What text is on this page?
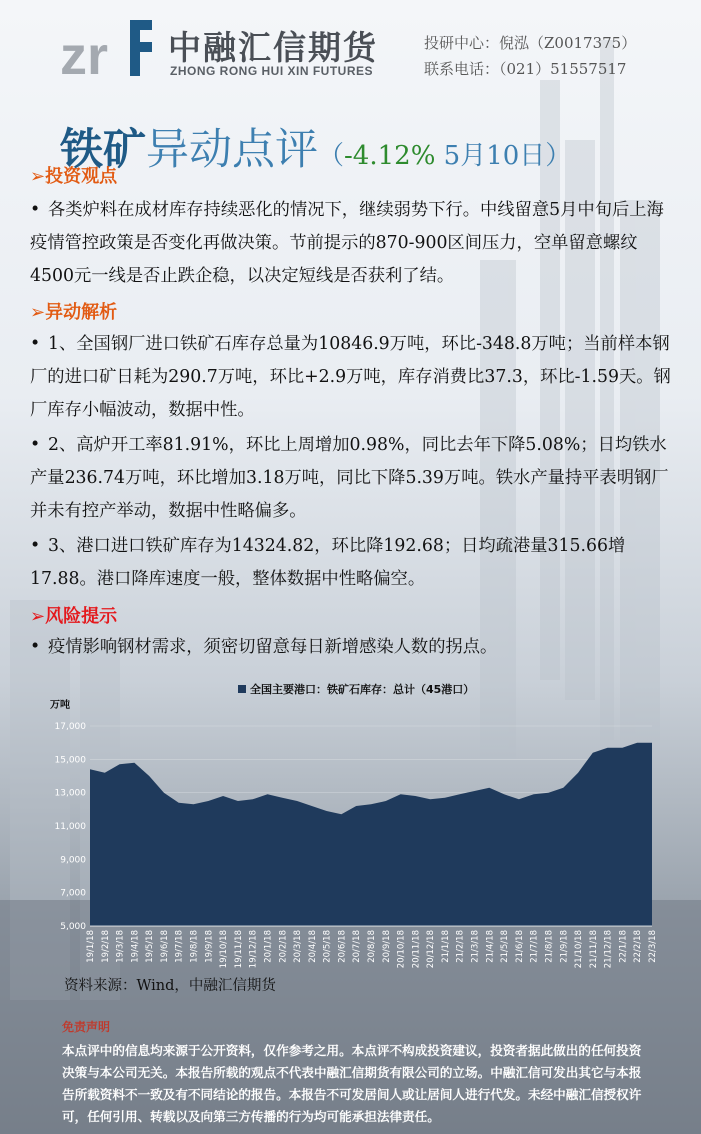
zr 中融汇信期货
ZHONG RONG HUI XIN FUTURES
投研中心：倪泓（Z0017375）
联系电话：（021）51557517
铁矿异动点评（-4.12% 5月10日）
➢投资观点
• 各类炉料在成材库存持续恶化的情况下，继续弱势下行。中线留意5月中旬后上海疫情管控政策是否变化再做决策。节前提示的870-900区间压力，空单留意螺纹4500元一线是否止跌企稳，以决定短线是否获利了结。
➢异动解析
• 1、全国钢厂进口铁矿石库存总量为10846.9万吨，环比-348.8万吨；当前样本钢厂的进口矿日耗为290.7万吨，环比+2.9万吨，库存消费比37.3，环比-1.59天。钢厂库存小幅波动，数据中性。
• 2、高炉开工率81.91%，环比上周增加0.98%，同比去年下降5.08%；日均铁水产量236.74万吨，环比增加3.18万吨，同比下降5.39万吨。铁水产量持平表明钢厂并未有控产举动，数据中性略偏多。
• 3、港口进口铁矿库存为14324.82，环比降192.68；日均疏港量315.66增17.88。港口降库速度一般，整体数据中性略偏空。
➢风险提示
• 疫情影响钢材需求，须密切留意每日新增感染人数的拐点。
全国主要港口：铁矿石库存：总计（45港口）
万吨
17,000
15,000
13,000
11,000
9,000
7,000
5,000
19/1/18 19/2/18 19/3/18 19/4/18 19/5/18 19/6/18 19/7/18 19/8/18 19/9/18 19/10/18 19/11/18 19/12/18 20/1/18 20/2/18 20/3/18 20/4/18 20/5/18 20/6/18 20/7/18 20/8/18 20/9/18 20/10/18 20/11/18 20/12/18 21/1/18 21/2/18 21/3/18 21/4/18 21/5/18 21/6/18 21/7/18 21/8/18 21/9/18 21/10/18 21/11/18 21/12/18 22/1/18 22/2/18 22/3/18
资料来源：Wind，中融汇信期货
免责声明
本点评中的信息均来源于公开资料，仅作参考之用。本点评不构成投资建议，投资者据此做出的任何投资决策与本公司无关。本报告所载的观点不代表中融汇信期货有限公司的立场。中融汇信可发出其它与本报告所载资料不一致及有不同结论的报告。本报告不可发居间人或让居间人进行代发。未经中融汇信授权许可，任何引用、转载以及向第三方传播的行为均可能承担法律责任。
